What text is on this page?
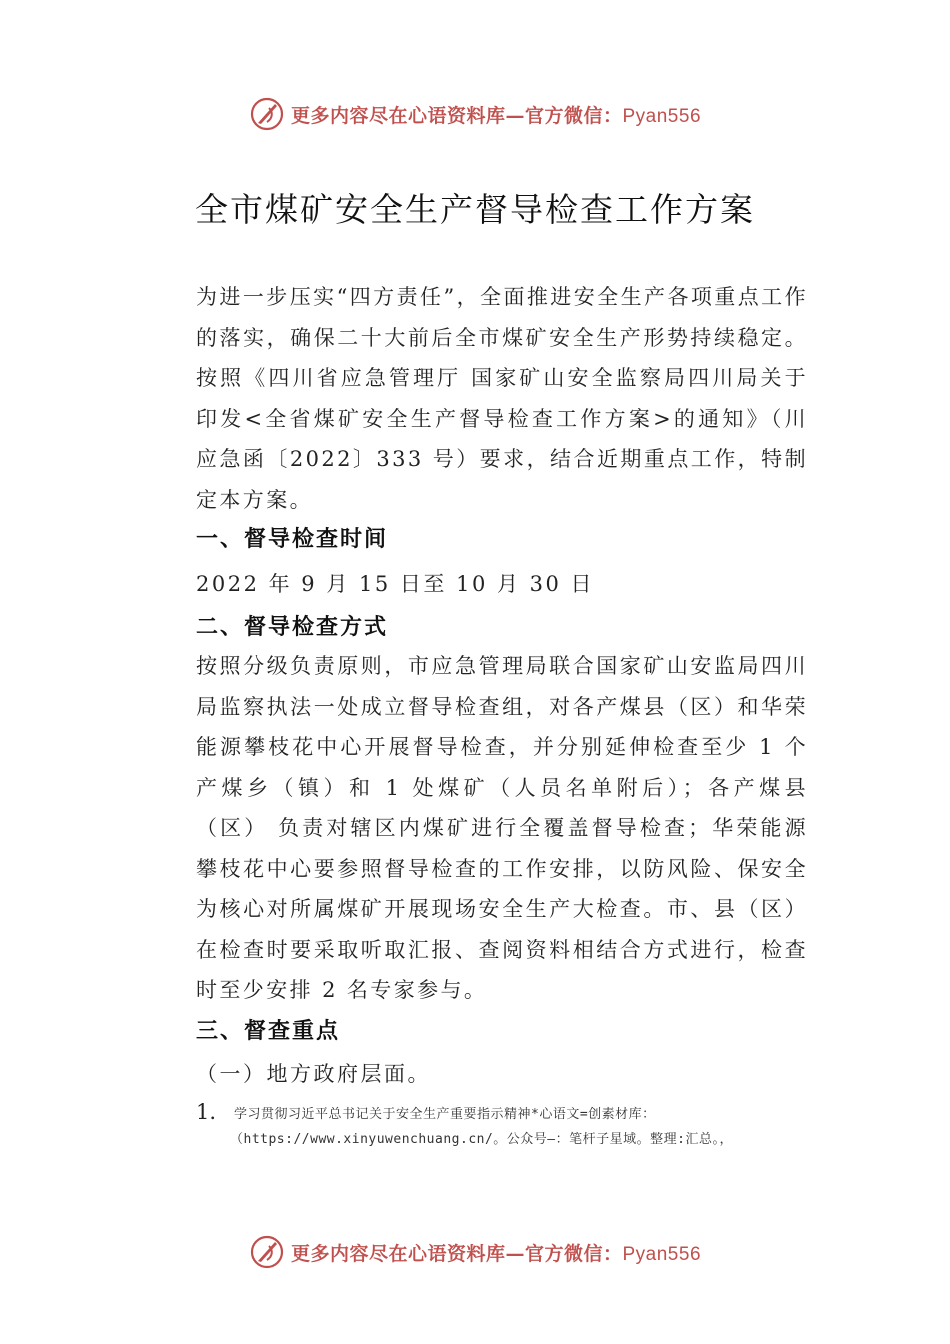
更多内容尽在心语资料库—官方微信：Pyan556
全市煤矿安全生产督导检查工作方案
为进一步压实“四方责任”，全面推进安全生产各项重点工作的落实，确保二十大前后全市煤矿安全生产形势持续稳定。按照《四川省应急管理厅 国家矿山安全监察局四川局关于印发<全省煤矿安全生产督导检查工作方案>的通知》（川应急函〔2022〕333 号）要求，结合近期重点工作，特制定本方案。
一、督导检查时间
2022 年 9 月 15 日至 10 月 30 日
二、督导检查方式
按照分级负责原则，市应急管理局联合国家矿山安监局四川局监察执法一处成立督导检查组，对各产煤县（区）和华荣能源攀枝花中心开展督导检查，并分别延伸检查至少 1 个产煤乡（镇）和 1 处煤矿（人员名单附后）；各产煤县（区） 负责对辖区内煤矿进行全覆盖督导检查；华荣能源攀枝花中心要参照督导检查的工作安排，以防风险、保安全为核心对所属煤矿开展现场安全生产大检查。市、县（区）在检查时要采取听取汇报、查阅资料相结合方式进行，检查时至少安排 2 名专家参与。
三、督查重点
（一）地方政府层面。
1. 学习贯彻习近平总书记关于安全生产重要指示精神*心语文=创素材库：
（https://www.xinyuwenchuang.cn/。公众号—：笔杆子星域。整理:汇总。，
更多内容尽在心语资料库—官方微信：Pyan556
